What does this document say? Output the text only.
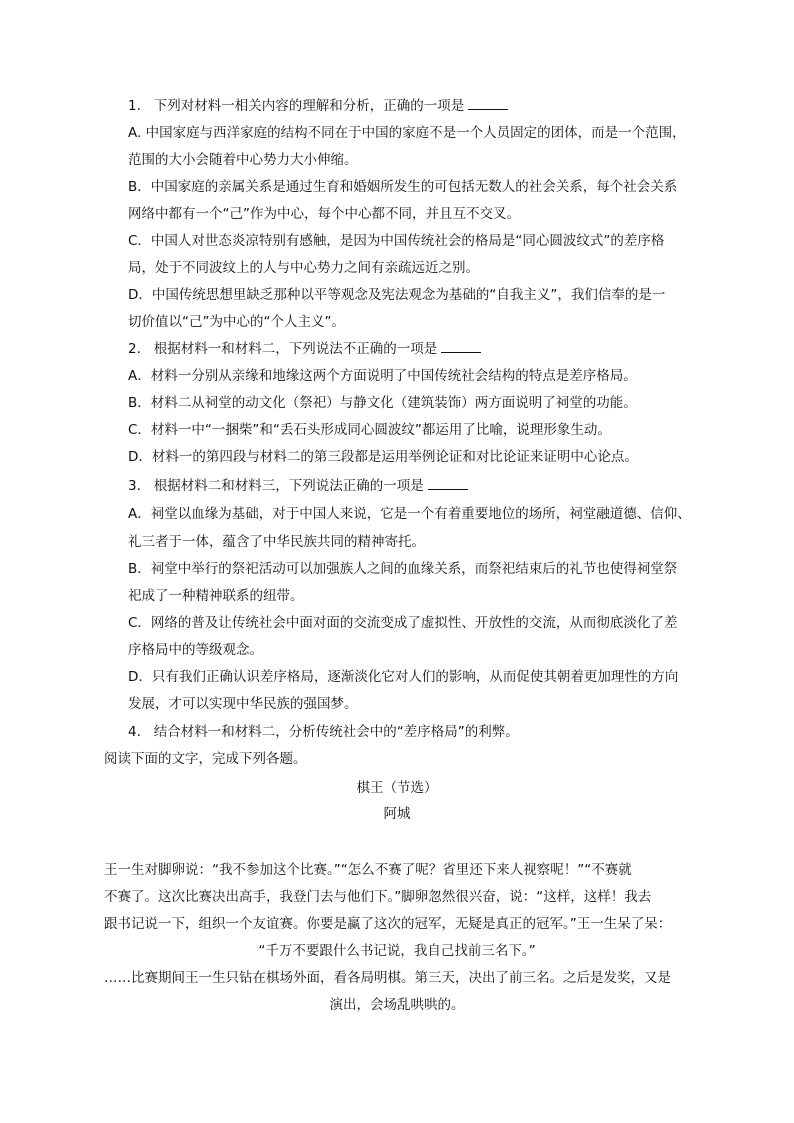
1. 下列对材料一相关内容的理解和分析，正确的一项是
A. 中国家庭与西洋家庭的结构不同在于中国的家庭不是一个人员固定的团体，而是一个范围，
范围的大小会随着中心势力大小伸缩。
B．中国家庭的亲属关系是通过生育和婚姻所发生的可包括无数人的社会关系，每个社会关系
网络中都有一个“己”作为中心，每个中心都不同，并且互不交叉。
C．中国人对世态炎凉特别有感触，是因为中国传统社会的格局是“同心圆波纹式”的差序格
局，处于不同波纹上的人与中心势力之间有亲疏远近之别。
D．中国传统思想里缺乏那种以平等观念及宪法观念为基础的“自我主义”，我们信奉的是一
切价值以“己”为中心的“个人主义”。
2. 根据材料一和材料二，下列说法不正确的一项是
A．材料一分别从亲缘和地缘这两个方面说明了中国传统社会结构的特点是差序格局。
B．材料二从祠堂的动文化（祭祀）与静文化（建筑装饰）两方面说明了祠堂的功能。
C．材料一中“一捆柴”和“丢石头形成同心圆波纹”都运用了比喻，说理形象生动。
D．材料一的第四段与材料二的第三段都是运用举例论证和对比论证来证明中心论点。
3. 根据材料二和材料三，下列说法正确的一项是
A．祠堂以血缘为基础，对于中国人来说，它是一个有着重要地位的场所，祠堂融道德、信仰、
礼三者于一体，蕴含了中华民族共同的精神寄托。
B．祠堂中举行的祭祀活动可以加强族人之间的血缘关系，而祭祀结束后的礼节也使得祠堂祭
祀成了一种精神联系的纽带。
C．网络的普及让传统社会中面对面的交流变成了虚拟性、开放性的交流，从而彻底淡化了差
序格局中的等级观念。
D．只有我们正确认识差序格局，逐渐淡化它对人们的影响，从而促使其朝着更加理性的方向
发展，才可以实现中华民族的强国梦。
4. 结合材料一和材料二，分析传统社会中的“差序格局”的利弊。
阅读下面的文字，完成下列各题。
棋王（节选）
阿城
王一生对脚卵说：“我不参加这个比赛。”“怎么不赛了呢？省里还下来人视察呢！”“不赛就
不赛了。这次比赛决出高手，我登门去与他们下。”脚卵忽然很兴奋，说：“这样，这样！我去
跟书记说一下，组织一个友谊赛。你要是赢了这次的冠军，无疑是真正的冠军。”王一生呆了呆：
“千万不要跟什么书记说，我自己找前三名下。”
……比赛期间王一生只钻在棋场外面，看各局明棋。第三天，决出了前三名。之后是发奖，又是
演出，会场乱哄哄的。
